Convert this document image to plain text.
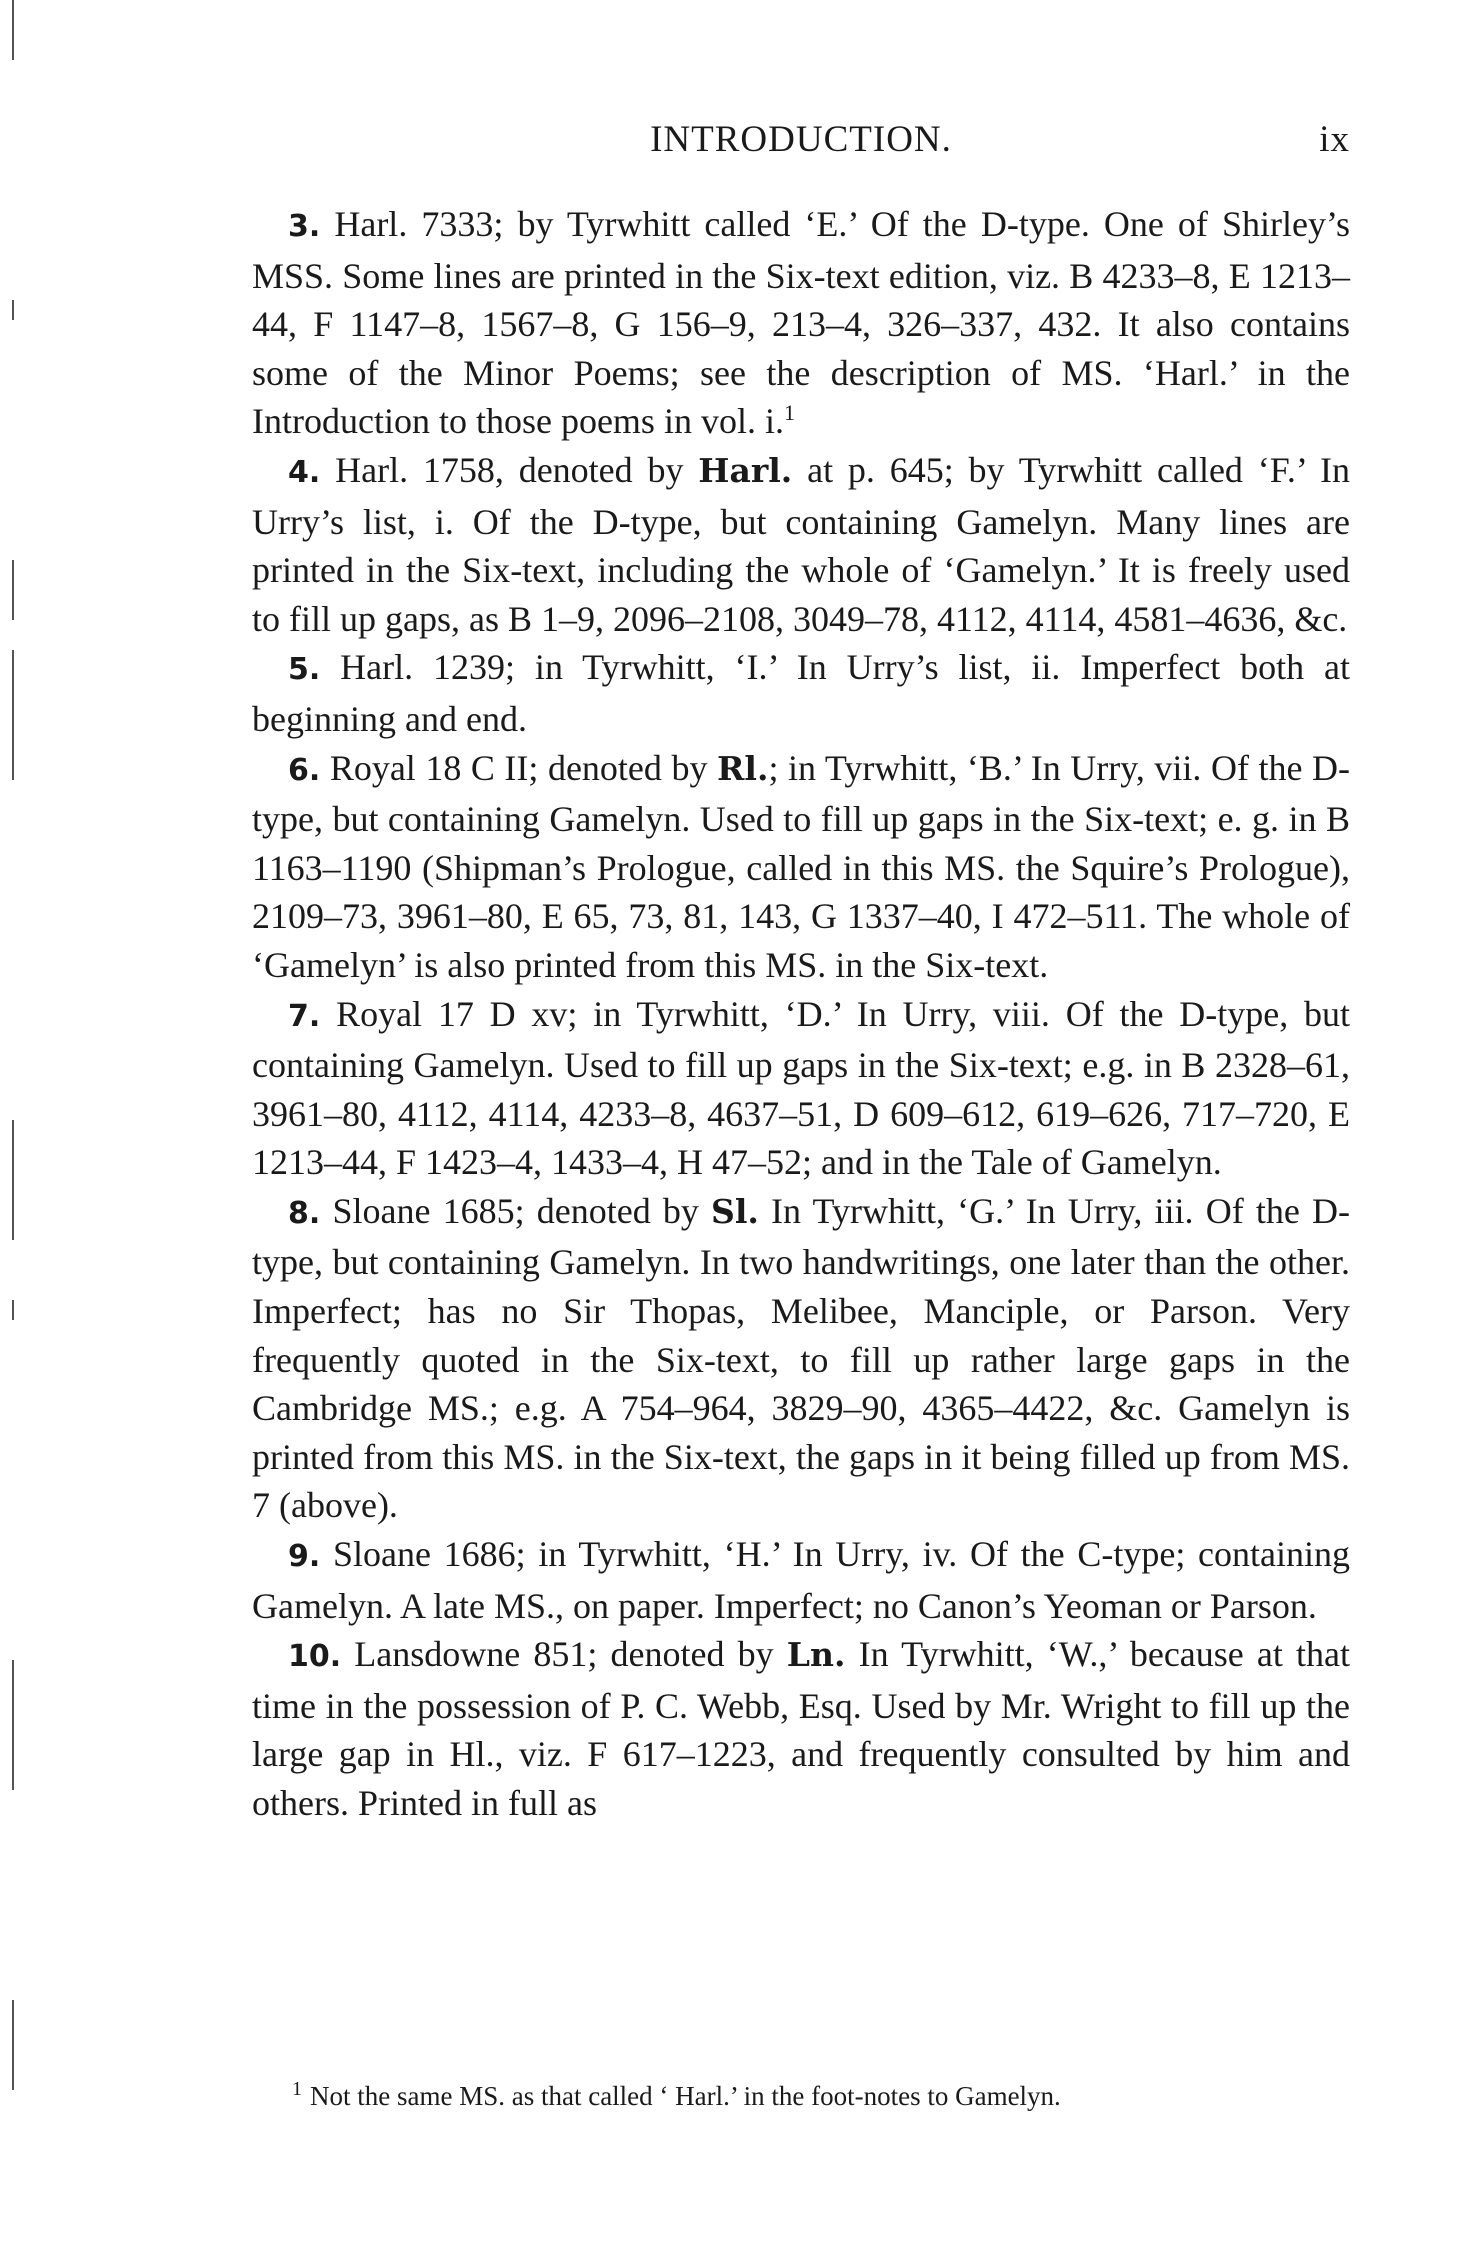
INTRODUCTION.	ix

3. Harl. 7333; by Tyrwhitt called ‘E.’ Of the D-type. One of Shirley’s MSS. Some lines are printed in the Six-text edition, viz. B 4233–8, E 1213–44, F 1147–8, 1567–8, G 156–9, 213–4, 326–337, 432. It also contains some of the Minor Poems; see the description of MS. ‘Harl.’ in the Introduction to those poems in vol. i.$^1$

4. Harl. 1758, denoted by Harl. at p. 645; by Tyrwhitt called ‘F.’ In Urry’s list, i. Of the D-type, but containing Gamelyn. Many lines are printed in the Six-text, including the whole of ‘Gamelyn.’ It is freely used to fill up gaps, as B 1–9, 2096–2108, 3049–78, 4112, 4114, 4581–4636, &c.

5. Harl. 1239; in Tyrwhitt, ‘I.’ In Urry’s list, ii. Imperfect both at beginning and end.

6. Royal 18 C II; denoted by Rl.; in Tyrwhitt, ‘B.’ In Urry, vii. Of the D-type, but containing Gamelyn. Used to fill up gaps in the Six-text; e. g. in B 1163–1190 (Shipman’s Prologue, called in this MS. the Squire’s Prologue), 2109–73, 3961–80, E 65, 73, 81, 143, G 1337–40, I 472–511. The whole of ‘Gamelyn’ is also printed from this MS. in the Six-text.

7. Royal 17 D xv; in Tyrwhitt, ‘D.’ In Urry, viii. Of the D-type, but containing Gamelyn. Used to fill up gaps in the Six-text; e.g. in B 2328–61, 3961–80, 4112, 4114, 4233–8, 4637–51, D 609–612, 619–626, 717–720, E 1213–44, F 1423–4, 1433–4, H 47–52; and in the Tale of Gamelyn.

8. Sloane 1685; denoted by Sl. In Tyrwhitt, ‘G.’ In Urry, iii. Of the D-type, but containing Gamelyn. In two handwritings, one later than the other. Imperfect; has no Sir Thopas, Melibee, Manciple, or Parson. Very frequently quoted in the Six-text, to fill up rather large gaps in the Cambridge MS.; e.g. A 754–964, 3829–90, 4365–4422, &c. Gamelyn is printed from this MS. in the Six-text, the gaps in it being filled up from MS. 7 (above).

9. Sloane 1686; in Tyrwhitt, ‘H.’ In Urry, iv. Of the C-type; containing Gamelyn. A late MS., on paper. Imperfect; no Canon’s Yeoman or Parson.

10. Lansdowne 851; denoted by Ln. In Tyrwhitt, ‘W.,’ because at that time in the possession of P. C. Webb, Esq. Used by Mr. Wright to fill up the large gap in Hl., viz. F 617–1223, and frequently consulted by him and others. Printed in full as

$^1$ Not the same MS. as that called ‘ Harl.’ in the foot-notes to Gamelyn.
